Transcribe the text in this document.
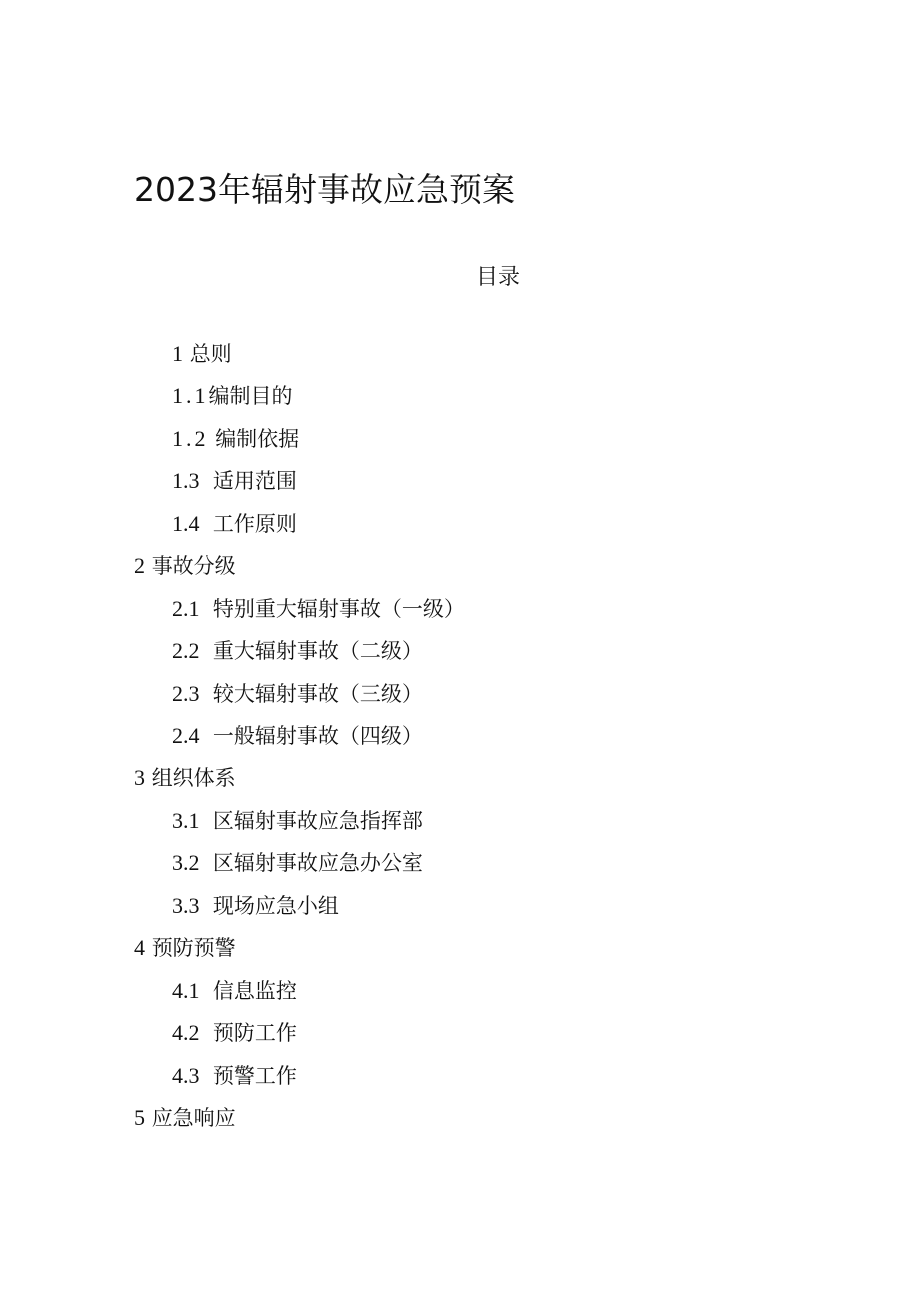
2023年辐射事故应急预案
目录
1 总则
1.1编制目的
1.2 编制依据
1.3 适用范围
1.4 工作原则
2 事故分级
2.1 特别重大辐射事故（一级）
2.2 重大辐射事故（二级）
2.3 较大辐射事故（三级）
2.4 一般辐射事故（四级）
3 组织体系
3.1 区辐射事故应急指挥部
3.2 区辐射事故应急办公室
3.3 现场应急小组
4 预防预警
4.1 信息监控
4.2 预防工作
4.3 预警工作
5 应急响应
